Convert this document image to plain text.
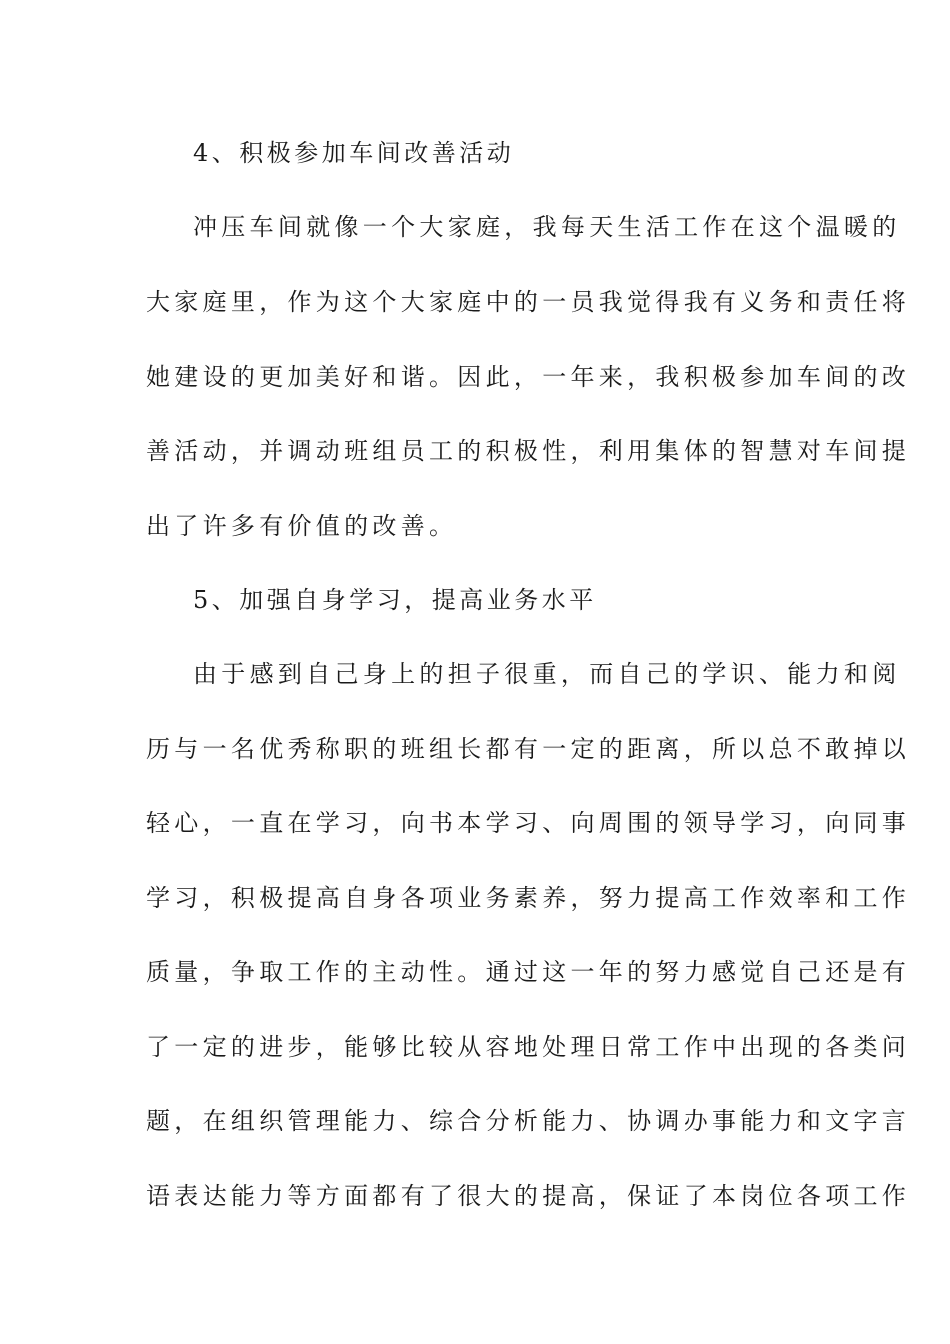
4、积极参加车间改善活动
冲压车间就像一个大家庭，我每天生活工作在这个温暖的
大家庭里，作为这个大家庭中的一员我觉得我有义务和责任将
她建设的更加美好和谐。因此，一年来，我积极参加车间的改
善活动，并调动班组员工的积极性，利用集体的智慧对车间提
出了许多有价值的改善。
5、加强自身学习，提高业务水平
由于感到自己身上的担子很重，而自己的学识、能力和阅
历与一名优秀称职的班组长都有一定的距离，所以总不敢掉以
轻心，一直在学习，向书本学习、向周围的领导学习，向同事
学习，积极提高自身各项业务素养，努力提高工作效率和工作
质量，争取工作的主动性。通过这一年的努力感觉自己还是有
了一定的进步，能够比较从容地处理日常工作中出现的各类问
题，在组织管理能力、综合分析能力、协调办事能力和文字言
语表达能力等方面都有了很大的提高，保证了本岗位各项工作
